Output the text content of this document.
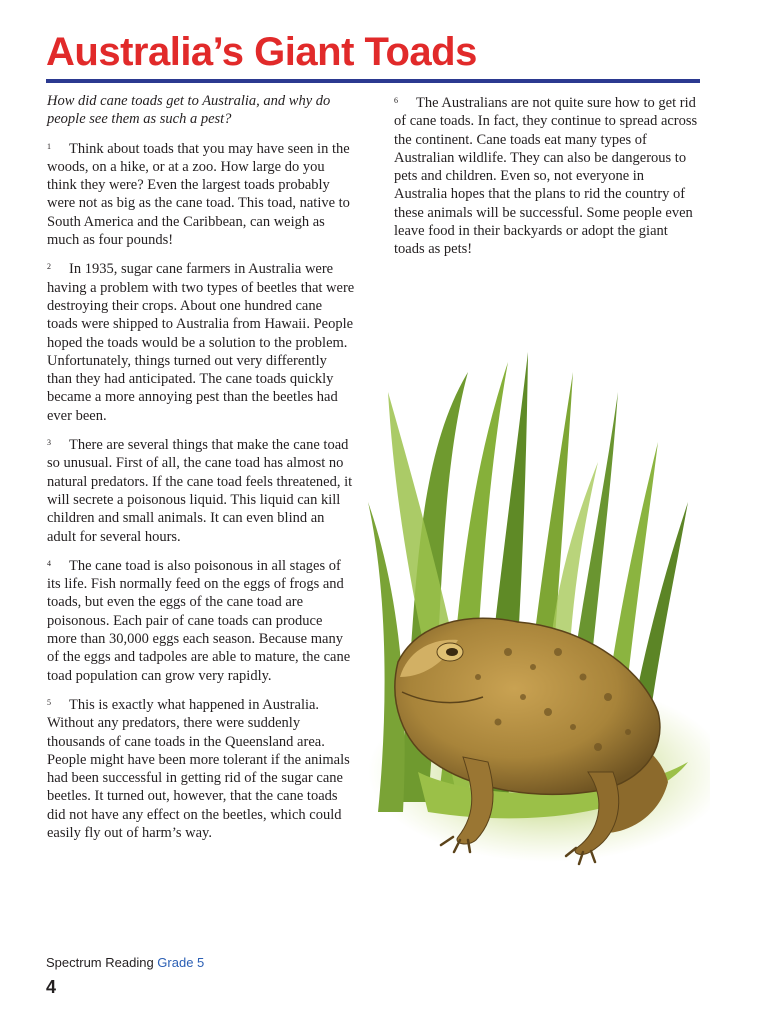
Australia’s Giant Toads

How did cane toads get to Australia, and why do people see them as such a pest?

1 Think about toads that you may have seen in the woods, on a hike, or at a zoo. How large do you think they were? Even the largest toads probably were not as big as the cane toad. This toad, native to South America and the Caribbean, can weigh as much as four pounds!

2 In 1935, sugar cane farmers in Australia were having a problem with two types of beetles that were destroying their crops. About one hundred cane toads were shipped to Australia from Hawaii. People hoped the toads would be a solution to the problem. Unfortunately, things turned out very differently than they had anticipated. The cane toads quickly became a more annoying pest than the beetles had ever been.

3 There are several things that make the cane toad so unusual. First of all, the cane toad has almost no natural predators. If the cane toad feels threatened, it will secrete a poisonous liquid. This liquid can kill children and small animals. It can even blind an adult for several hours.

4 The cane toad is also poisonous in all stages of its life. Fish normally feed on the eggs of frogs and toads, but even the eggs of the cane toad are poisonous. Each pair of cane toads can produce more than 30,000 eggs each season. Because many of the eggs and tadpoles are able to mature, the cane toad population can grow very rapidly.

5 This is exactly what happened in Australia. Without any predators, there were suddenly thousands of cane toads in the Queensland area. People might have been more tolerant if the animals had been successful in getting rid of the sugar cane beetles. It turned out, however, that the cane toads did not have any effect on the beetles, which could easily fly out of harm’s way.

6 The Australians are not quite sure how to get rid of cane toads. In fact, they continue to spread across the continent. Cane toads eat many types of Australian wildlife. They can also be dangerous to pets and children. Even so, not everyone in Australia hopes that the plans to rid the country of these animals will be successful. Some people even leave food in their backyards or adopt the giant toads as pets!

Spectrum Reading Grade 5
4
